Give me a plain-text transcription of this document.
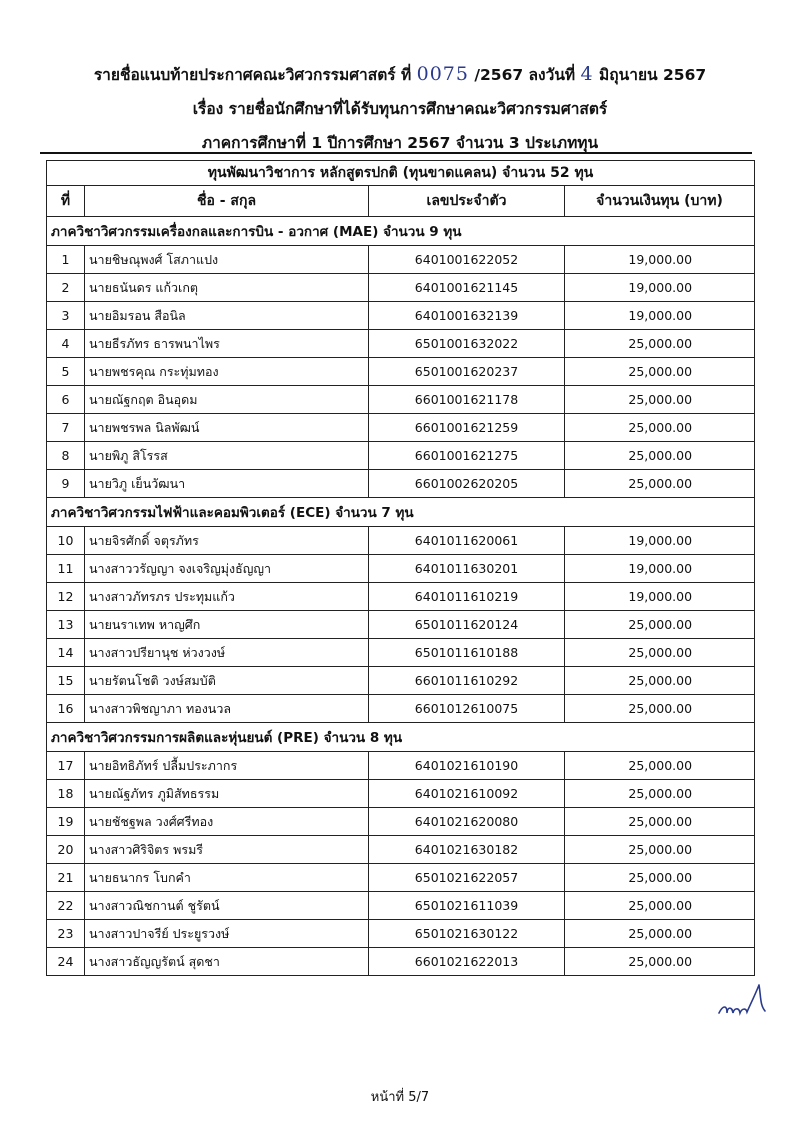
รายชื่อแนบท้ายประกาศคณะวิศวกรรมศาสตร์ ที่ 0075 /2567 ลงวันที่ 4 มิถุนายน 2567
เรื่อง รายชื่อนักศึกษาที่ได้รับทุนการศึกษาคณะวิศวกรรมศาสตร์
ภาคการศึกษาที่ 1 ปีการศึกษา 2567 จำนวน 3 ประเภททุน
ทุนพัฒนาวิชาการ หลักสูตรปกติ (ทุนขาดแคลน) จำนวน 52 ทุน			
ที่	ชื่อ - สกุล	เลขประจำตัว	จำนวนเงินทุน (บาท)
ภาควิชาวิศวกรรมเครื่องกลและการบิน - อวกาศ (MAE) จำนวน 9 ทุน			
1	นายชิษณุพงศ์ โสภาแปง	6401001622052	19,000.00
2	นายธนันดร แก้วเกตุ	6401001621145	19,000.00
3	นายอิมรอน สือนิล	6401001632139	19,000.00
4	นายธีรภัทร ธารพนาไพร	6501001632022	25,000.00
5	นายพชรคุณ กระทุ่มทอง	6501001620237	25,000.00
6	นายณัฐกฤต อินอุดม	6601001621178	25,000.00
7	นายพชรพล นิลพัฒน์	6601001621259	25,000.00
8	นายพิภู สิโรรส	6601001621275	25,000.00
9	นายวิภู เย็นวัฒนา	6601002620205	25,000.00
ภาควิชาวิศวกรรมไฟฟ้าและคอมพิวเตอร์ (ECE) จำนวน 7 ทุน			
10	นายจิรศักดิ์ จตุรภัทร	6401011620061	19,000.00
11	นางสาววรัญญา จงเจริญมุ่งธัญญา	6401011630201	19,000.00
12	นางสาวภัทรภร ประทุมแก้ว	6401011610219	19,000.00
13	นายนราเทพ หาญศึก	6501011620124	25,000.00
14	นางสาวปรียานุช ห่วงวงษ์	6501011610188	25,000.00
15	นายรัตนโชติ วงษ์สมบัติ	6601011610292	25,000.00
16	นางสาวพิชญาภา ทองนวล	6601012610075	25,000.00
ภาควิชาวิศวกรรมการผลิตและหุ่นยนต์ (PRE) จำนวน 8 ทุน			
17	นายอิทธิภัทร์ ปลื้มประภากร	6401021610190	25,000.00
18	นายณัฐภัทร ภูมิสัทธรรม	6401021610092	25,000.00
19	นายชัชฐพล วงศ์ศรีทอง	6401021620080	25,000.00
20	นางสาวศิริจิตร พรมรี	6401021630182	25,000.00
21	นายธนากร โบกคำ	6501021622057	25,000.00
22	นางสาวณิชกานต์ ชูรัตน์	6501021611039	25,000.00
23	นางสาวปาจรีย์ ประยูรวงษ์	6501021630122	25,000.00
24	นางสาวธัญญรัตน์ สุดชา	6601021622013	25,000.00
หน้าที่ 5/7
